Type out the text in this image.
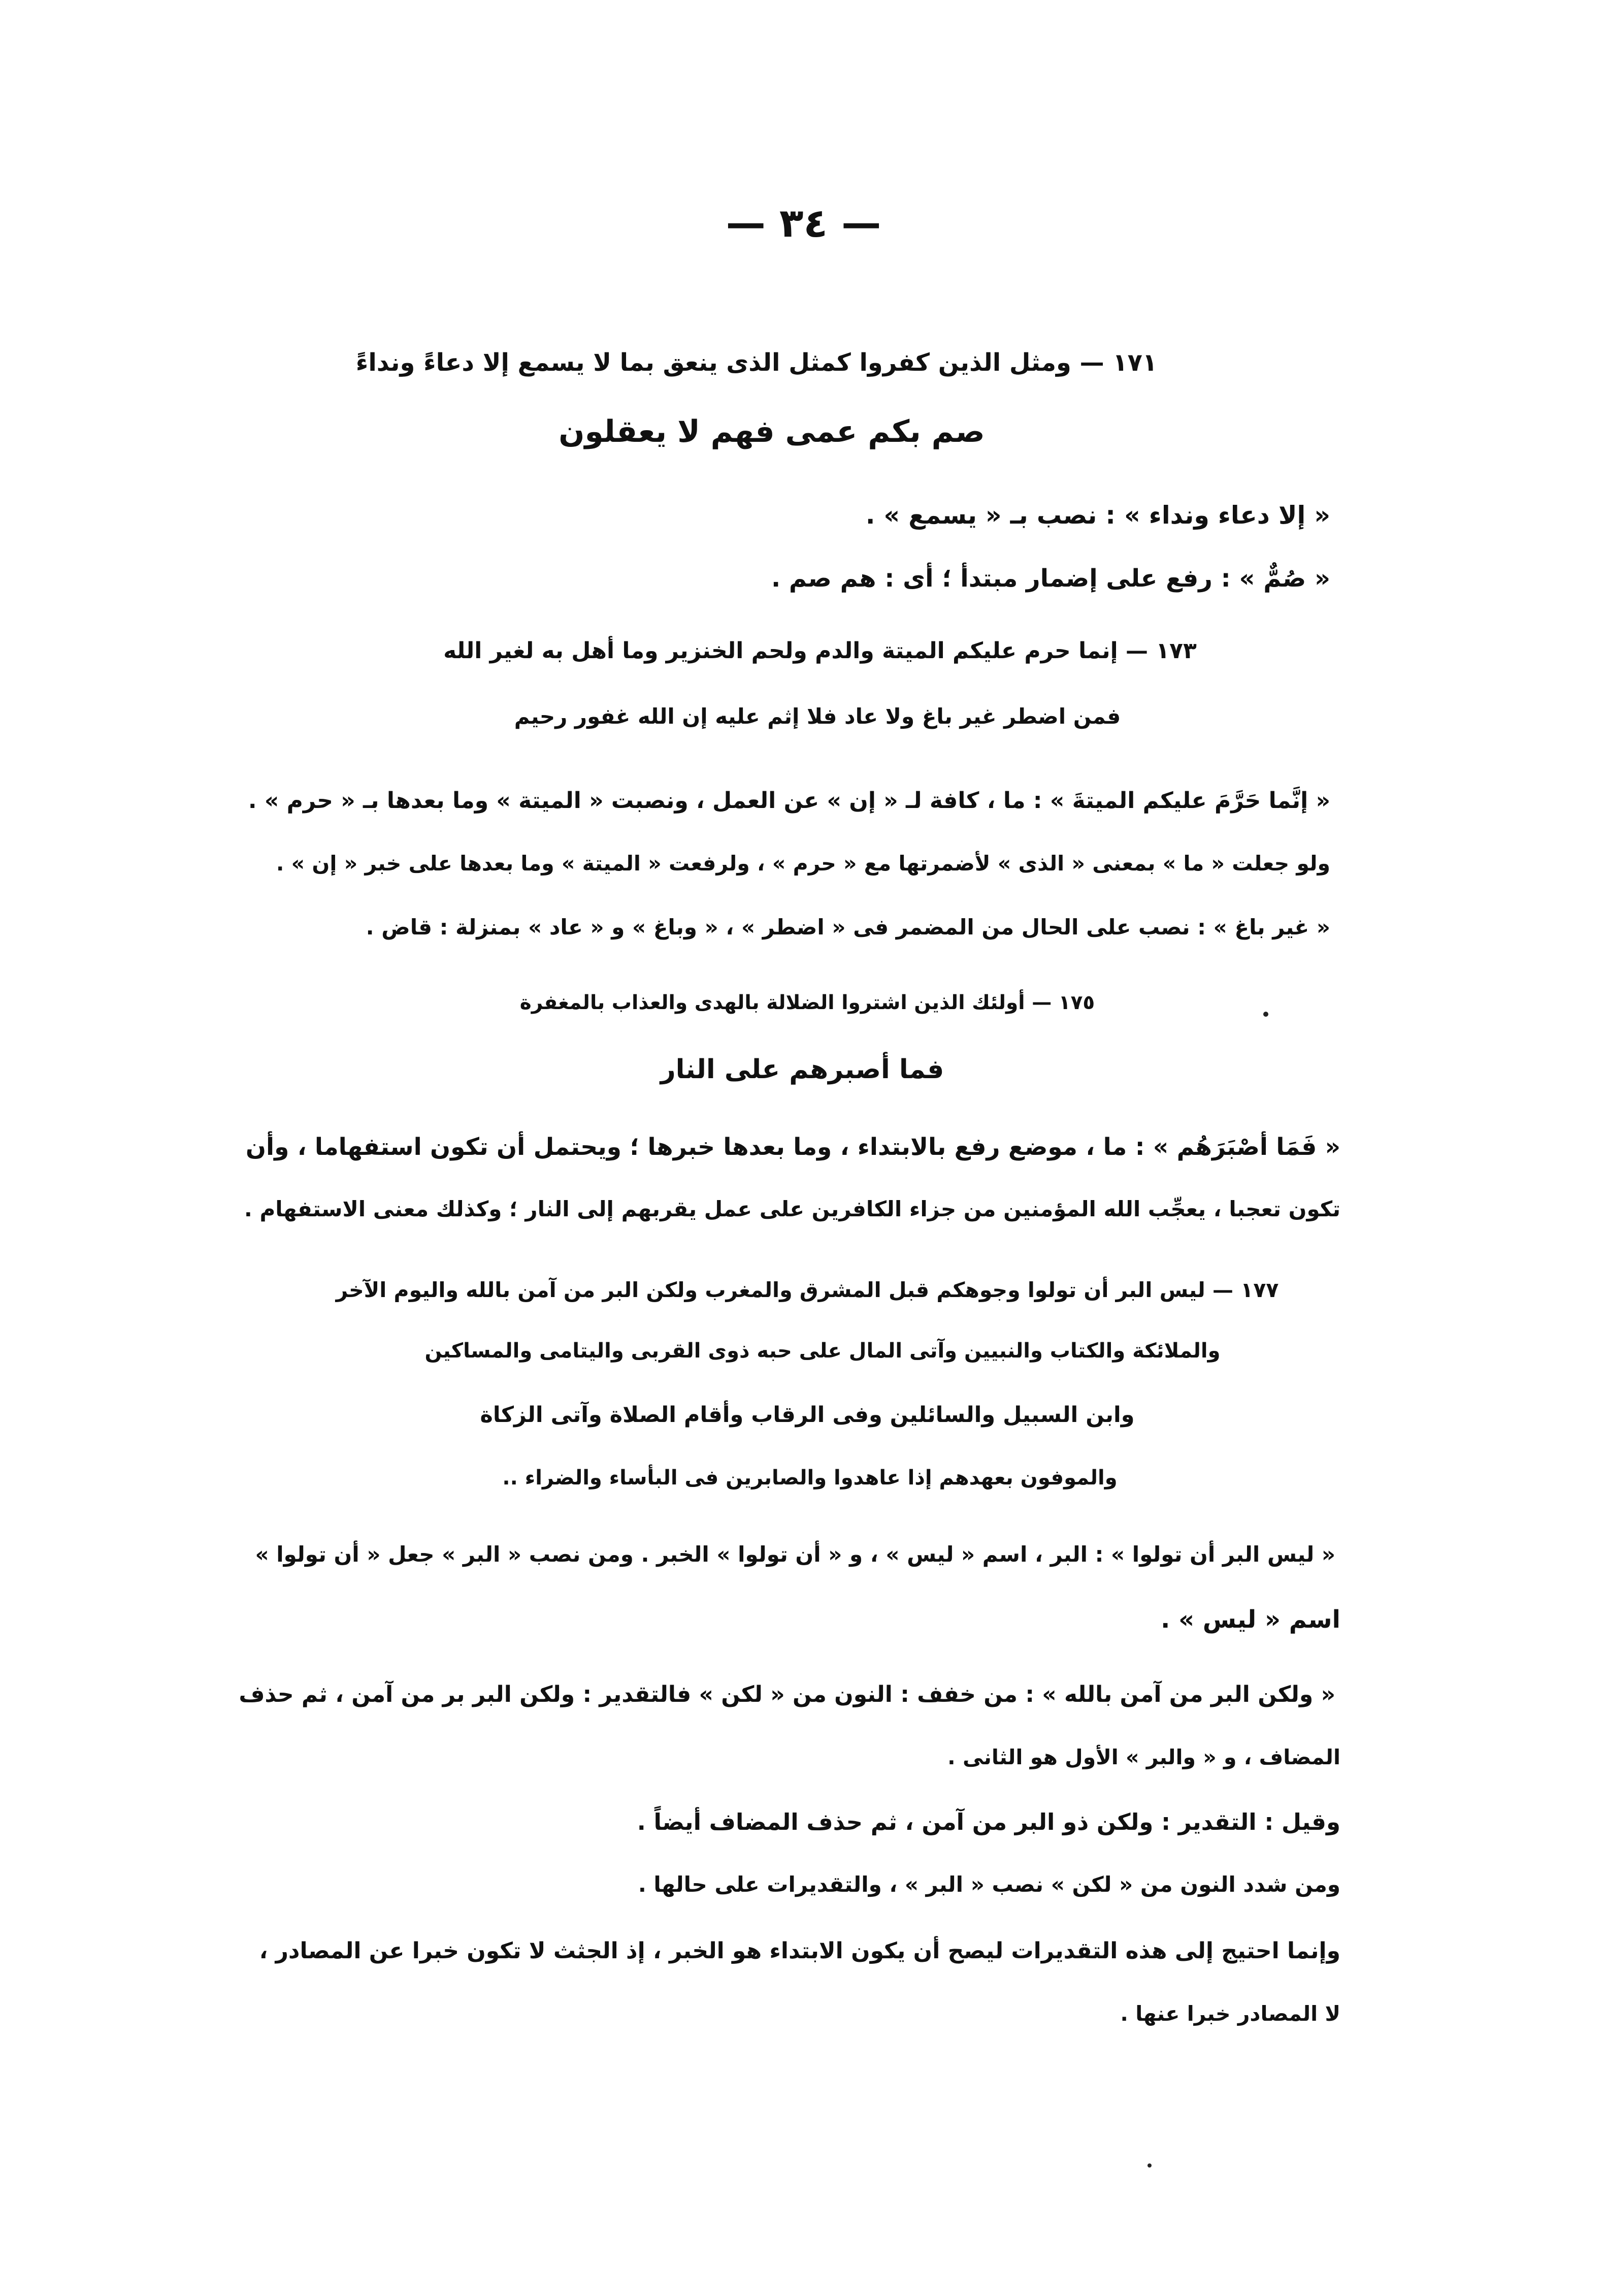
— ٣٤ —
١٧١ — ومثل الذين كفروا كمثل الذى ينعق بما لا يسمع إلا دعاءً ونداءً
صم بكم عمى فهم لا يعقلون
« إلا دعاء ونداء » : نصب بـ « يسمع » .
« صُمٌّ » : رفع على إضمار مبتدأ ؛ أى : هم صم .
١٧٣ — إنما حرم عليكم الميتة والدم ولحم الخنزير وما أهل به لغير الله
فمن اضطر غير باغ ولا عاد فلا إثم عليه إن الله غفور رحيم
« إنَّما حَرَّمَ عليكم الميتةَ » : ما ، كافة لـ « إن » عن العمل ، ونصبت « الميتة » وما بعدها بـ « حرم » .
ولو جعلت « ما » بمعنى « الذى » لأضمرتها مع « حرم » ، ولرفعت « الميتة » وما بعدها على خبر « إن » .
« غير باغ » : نصب على الحال من المضمر فى « اضطر » ، « وباغ » و « عاد » بمنزلة : قاض .
١٧٥ — أولئك الذين اشتروا الضلالة بالهدى والعذاب بالمغفرة
فما أصبرهم على النار
« فَمَا أصْبَرَهُم » : ما ، موضع رفع بالابتداء ، وما بعدها خبرها ؛ ويحتمل أن تكون استفهاما ، وأن
تكون تعجبا ، يعجِّب الله المؤمنين من جزاء الكافرين على عمل يقربهم إلى النار ؛ وكذلك معنى الاستفهام .
١٧٧ — ليس البر أن تولوا وجوهكم قبل المشرق والمغرب ولكن البر من آمن بالله واليوم الآخر
والملائكة والكتاب والنبيين وآتى المال على حبه ذوى القربى واليتامى والمساكين
وابن السبيل والسائلين وفى الرقاب وأقام الصلاة وآتى الزكاة
والموفون بعهدهم إذا عاهدوا والصابرين فى البأساء والضراء ..
« ليس البر أن تولوا » : البر ، اسم « ليس » ، و « أن تولوا » الخبر . ومن نصب « البر » جعل « أن تولوا »
اسم « ليس » .
« ولكن البر من آمن بالله » : من خفف : النون من « لكن » فالتقدير : ولكن البر بر من آمن ، ثم حذف
المضاف ، و « والبر » الأول هو الثانى .
وقيل : التقدير : ولكن ذو البر من آمن ، ثم حذف المضاف أيضاً .
ومن شدد النون من « لكن » نصب « البر » ، والتقديرات على حالها .
وإنما احتيج إلى هذه التقديرات ليصح أن يكون الابتداء هو الخبر ، إذ الجثث لا تكون خبرا عن المصادر ،
لا المصادر خبرا عنها .
